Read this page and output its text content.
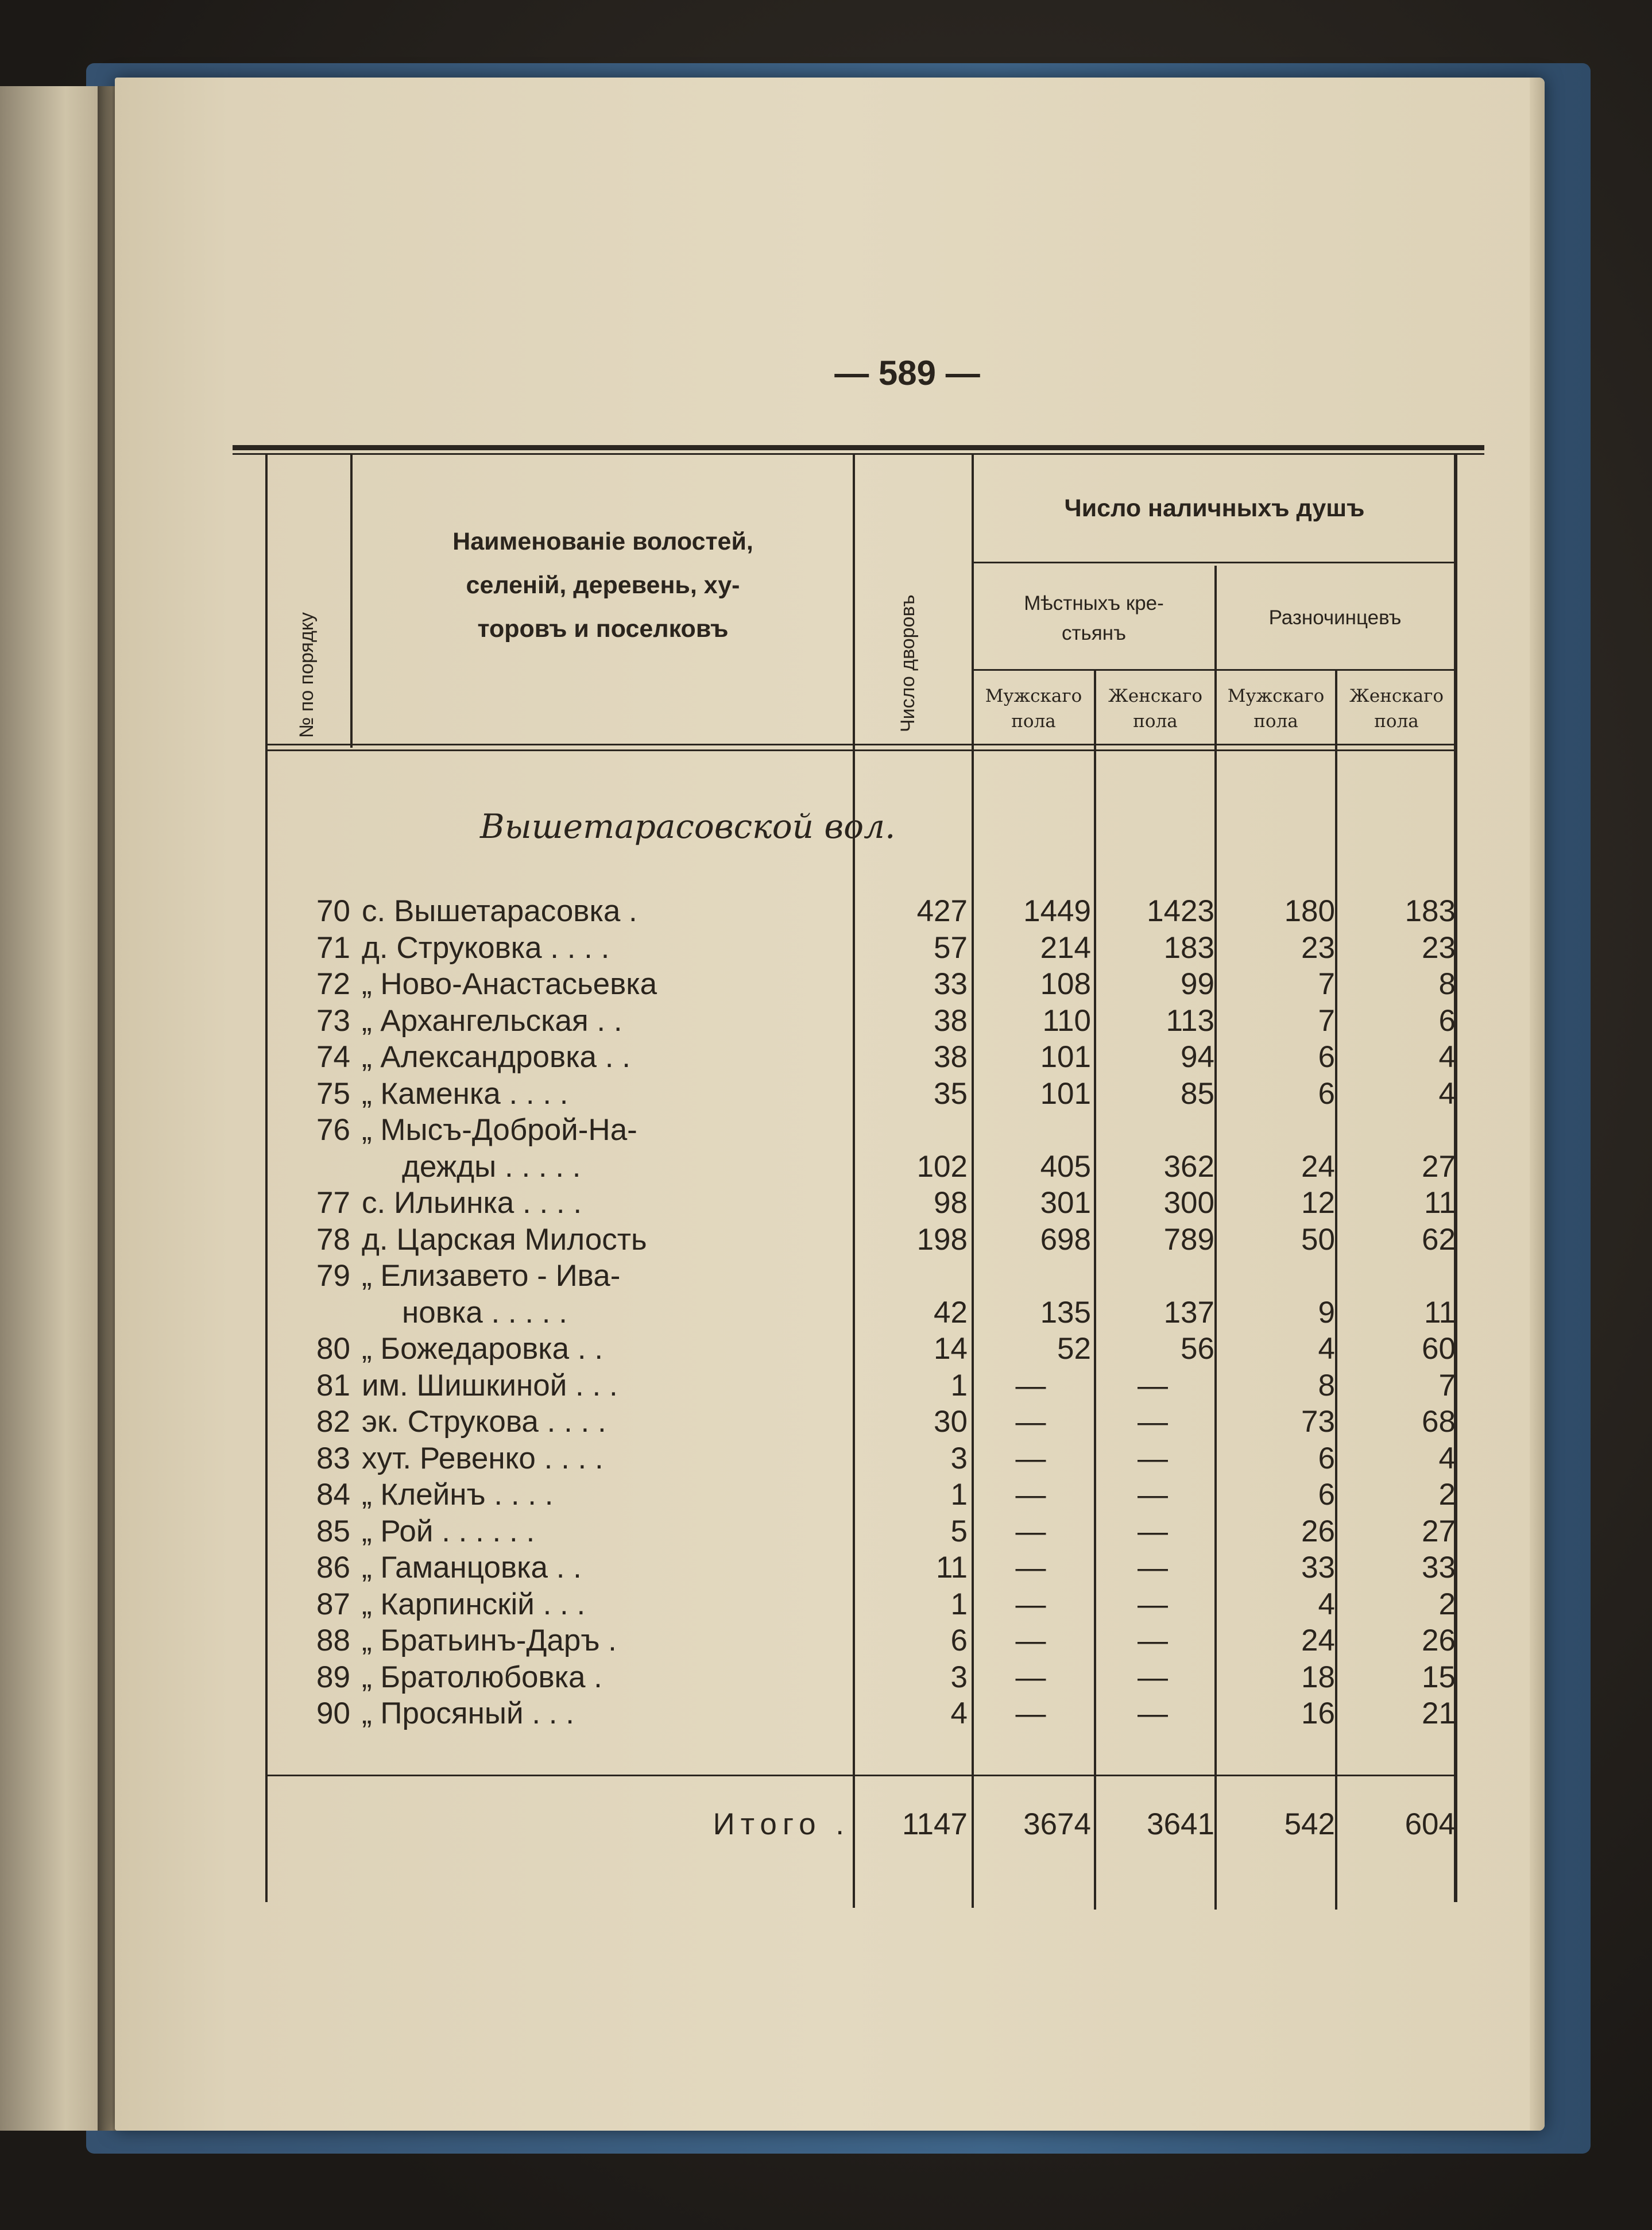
— 589 —
№ по порядку
Наименованіе волостей,
селеній, деревень, ху-
торовъ и поселковъ	Число дворовъ
Число наличныхъ душъ
Мѣстныхъ кре-
стьянъ
Разночинцевъ
Мужскаго
пола
Женскаго
пола
Мужскаго
пола
Женскаго
пола
Вышетарасовской вол.
70 с. Вышетарасовка .	427	1449	1423	180	183
71 д. Струковка . . . .	57	214	183	23	23
72 „ Ново-Анастасьевка	33	108	99	7	8
73 „ Архангельская . .	38	110	113	7	6
74 „ Александровка . .	38	101	94	6	4
75 „ Каменка . . . .	35	101	85	6	4
76 „ Мысъ-Доброй-На-
дежды . . . . .	102	405	362	24	27
77 с. Ильинка . . . .	98	301	300	12	11
78 д. Царская Милость	198	698	789	50	62
79 „ Елизавето - Ива-
новка . . . . .	42	135	137	9	11
80 „ Божедаровка . .	14	52	56	4	60
81 им. Шишкиной . . .	1	—	—	8	7
82 эк. Струкова . . . .	30	—	—	73	68
83 хут. Ревенко . . . .	3	—	—	6	4
84 „ Клейнъ . . . .	1	—	—	6	2
85 „ Рой . . . . . .	5	—	—	26	27
86 „ Гаманцовка . .	11	—	—	33	33
87 „ Карпинскій . . .	1	—	—	4	2
88 „ Братьинъ-Даръ .	6	—	—	24	26
89 „ Братолюбовка .	3	—	—	18	15
90 „ Просяный . . .	4	—	—	16	21
Итого .	1147	3674	3641	542	604
